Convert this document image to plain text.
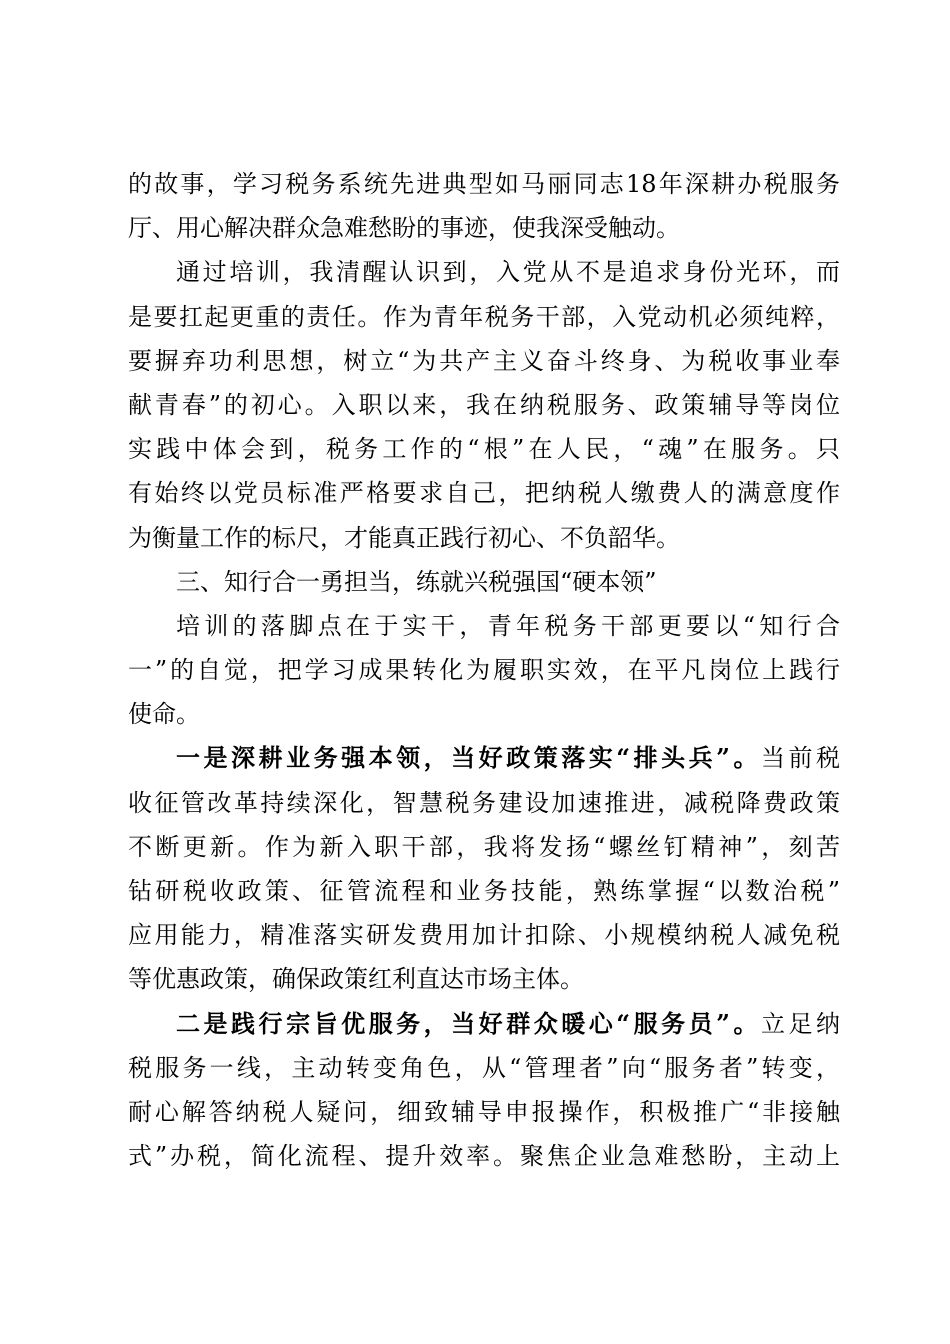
的故事，学习税务系统先进典型如马丽同志18年深耕办税服务
厅、用心解决群众急难愁盼的事迹，使我深受触动。
通过培训，我清醒认识到，入党从不是追求身份光环，而
是要扛起更重的责任。作为青年税务干部，入党动机必须纯粹，
要摒弃功利思想，树立“为共产主义奋斗终身、为税收事业奉
献青春”的初心。入职以来，我在纳税服务、政策辅导等岗位
实践中体会到，税务工作的“根”在人民，“魂”在服务。只
有始终以党员标准严格要求自己，把纳税人缴费人的满意度作
为衡量工作的标尺，才能真正践行初心、不负韶华。
三、知行合一勇担当，练就兴税强国“硬本领”
培训的落脚点在于实干，青年税务干部更要以“知行合
一”的自觉，把学习成果转化为履职实效，在平凡岗位上践行
使命。
一是深耕业务强本领，当好政策落实“排头兵”。当前税
收征管改革持续深化，智慧税务建设加速推进，减税降费政策
不断更新。作为新入职干部，我将发扬“螺丝钉精神”，刻苦
钻研税收政策、征管流程和业务技能，熟练掌握“以数治税”
应用能力，精准落实研发费用加计扣除、小规模纳税人减免税
等优惠政策，确保政策红利直达市场主体。
二是践行宗旨优服务，当好群众暖心“服务员”。立足纳
税服务一线，主动转变角色，从“管理者”向“服务者”转变，
耐心解答纳税人疑问，细致辅导申报操作，积极推广“非接触
式”办税，简化流程、提升效率。聚焦企业急难愁盼，主动上
